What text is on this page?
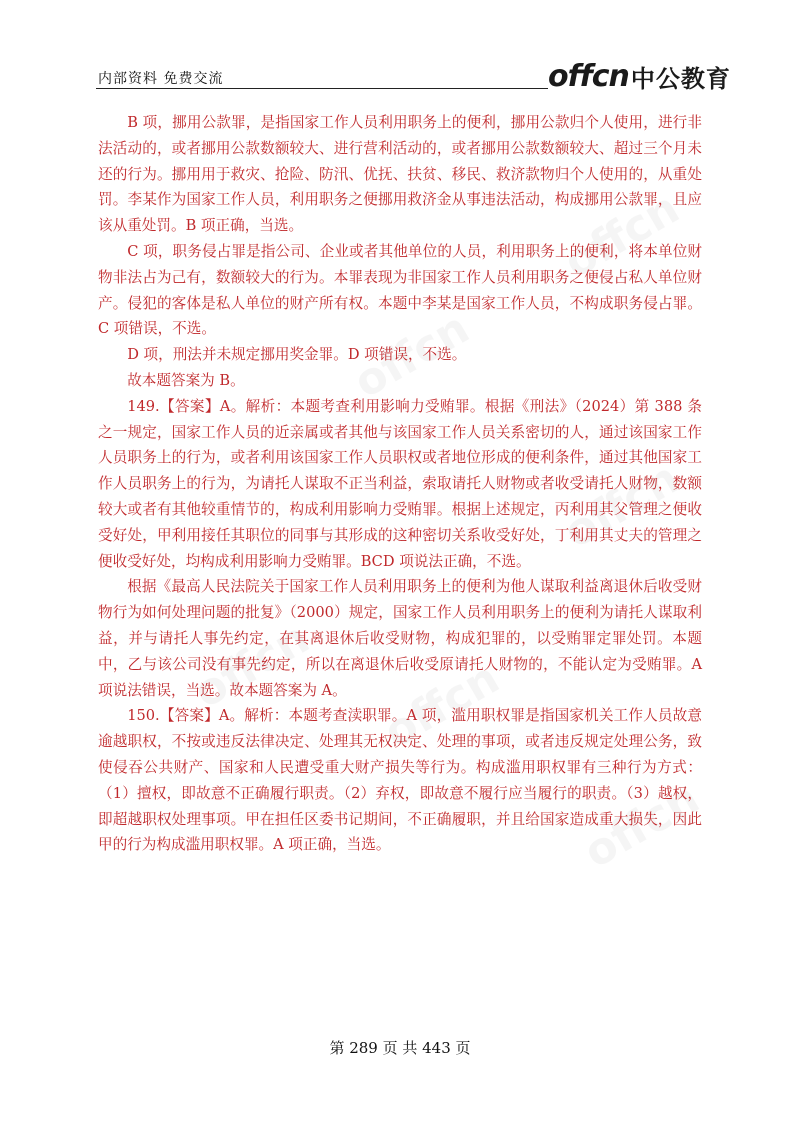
内部资料 免费交流	offcn 中公教育

B 项，挪用公款罪，是指国家工作人员利用职务上的便利，挪用公款归个人使用，进行非法活动的，或者挪用公款数额较大、进行营利活动的，或者挪用公款数额较大、超过三个月未还的行为。挪用用于救灾、抢险、防汛、优抚、扶贫、移民、救济款物归个人使用的，从重处罚。李某作为国家工作人员，利用职务之便挪用救济金从事违法活动，构成挪用公款罪，且应该从重处罚。B 项正确，当选。

C 项，职务侵占罪是指公司、企业或者其他单位的人员，利用职务上的便利，将本单位财物非法占为己有，数额较大的行为。本罪表现为非国家工作人员利用职务之便侵占私人单位财产。侵犯的客体是私人单位的财产所有权。本题中李某是国家工作人员，不构成职务侵占罪。C 项错误，不选。

D 项，刑法并未规定挪用奖金罪。D 项错误，不选。

故本题答案为 B。

149.【答案】A。解析：本题考查利用影响力受贿罪。根据《刑法》（2024）第 388 条之一规定，国家工作人员的近亲属或者其他与该国家工作人员关系密切的人，通过该国家工作人员职务上的行为，或者利用该国家工作人员职权或者地位形成的便利条件，通过其他国家工作人员职务上的行为，为请托人谋取不正当利益，索取请托人财物或者收受请托人财物，数额较大或者有其他较重情节的，构成利用影响力受贿罪。根据上述规定，丙利用其父管理之便收受好处，甲利用接任其职位的同事与其形成的这种密切关系收受好处，丁利用其丈夫的管理之便收受好处，均构成利用影响力受贿罪。BCD 项说法正确，不选。

根据《最高人民法院关于国家工作人员利用职务上的便利为他人谋取利益离退休后收受财物行为如何处理问题的批复》（2000）规定，国家工作人员利用职务上的便利为请托人谋取利益，并与请托人事先约定，在其离退休后收受财物，构成犯罪的，以受贿罪定罪处罚。本题中，乙与该公司没有事先约定，所以在离退休后收受原请托人财物的，不能认定为受贿罪。A 项说法错误，当选。故本题答案为 A。

150.【答案】A。解析：本题考查渎职罪。A 项，滥用职权罪是指国家机关工作人员故意逾越职权，不按或违反法律决定、处理其无权决定、处理的事项，或者违反规定处理公务，致使侵吞公共财产、国家和人民遭受重大财产损失等行为。构成滥用职权罪有三种行为方式：（1）擅权，即故意不正确履行职责。（2）弃权，即故意不履行应当履行的职责。（3）越权，即超越职权处理事项。甲在担任区委书记期间，不正确履职，并且给国家造成重大损失，因此甲的行为构成滥用职权罪。A 项正确，当选。

第 289 页 共 443 页
